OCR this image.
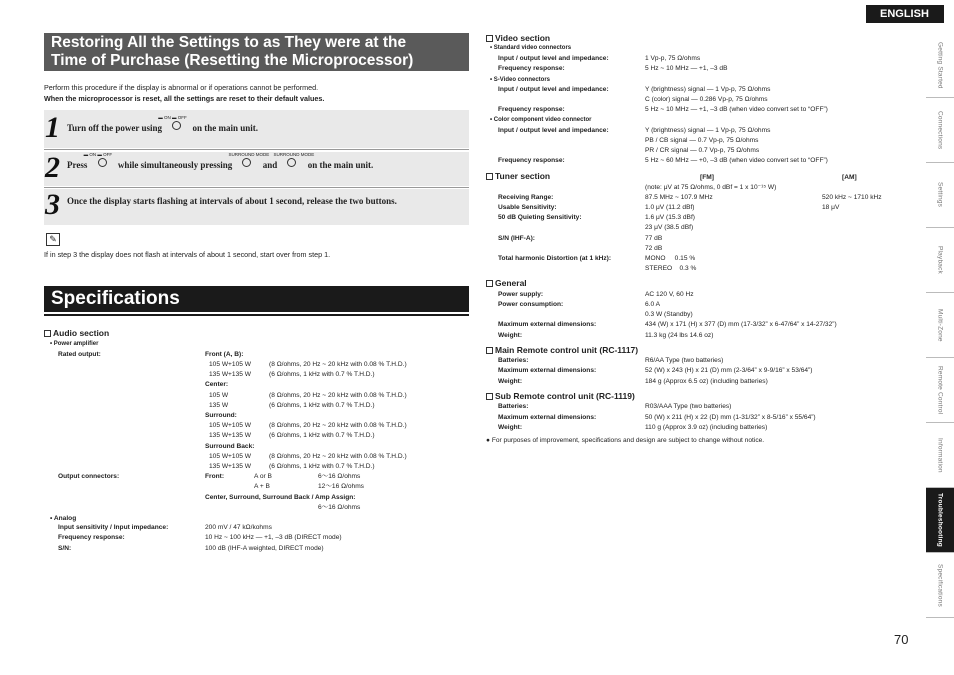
ENGLISH
Getting Started
Connections
Settings
Playback
Multi-Zone
Remote Control
Information
Troubleshooting
Specifications
Restoring All the Settings to as They were at the
Time of Purchase (Resetting the Microprocessor)
Perform this procedure if the display is abnormal or if operations cannot be performed.
When the microprocessor is reset, all the settings are reset to their default values.
1 Turn off the power using
▬ ON ▬ OFF
on the main unit.
2 Press
▬ ON ▬ OFF
while simultaneously pressing
SURROUND MODE
and
SURROUND MODE
on the main unit.
3 Once the display starts flashing at intervals of about 1 second, release the two buttons.
✎
If in step 3 the display does not flash at intervals of about 1 second, start over from step 1.
Specifications
Audio section
• Power amplifier
Rated output:	Front (A, B):
105 W+105 W	(8 Ω/ohms, 20 Hz ~ 20 kHz with 0.08 % T.H.D.)
135 W+135 W	(6 Ω/ohms, 1 kHz with 0.7 % T.H.D.)
Center:
105 W	(8 Ω/ohms, 20 Hz ~ 20 kHz with 0.08 % T.H.D.)
135 W	(6 Ω/ohms, 1 kHz with 0.7 % T.H.D.)
Surround:
105 W+105 W	(8 Ω/ohms, 20 Hz ~ 20 kHz with 0.08 % T.H.D.)
135 W+135 W	(6 Ω/ohms, 1 kHz with 0.7 % T.H.D.)
Surround Back:
105 W+105 W	(8 Ω/ohms, 20 Hz ~ 20 kHz with 0.08 % T.H.D.)
135 W+135 W	(6 Ω/ohms, 1 kHz with 0.7 % T.H.D.)
Output connectors:	Front:	A or B	6～16 Ω/ohms
A + B	12～16 Ω/ohms
Center, Surround, Surround Back / Amp Assign:
6～16 Ω/ohms
• Analog
Input sensitivity / Input impedance:	200 mV / 47 kΩ/kohms
Frequency response:	10 Hz ~ 100 kHz — +1, –3 dB (DIRECT mode)
S/N:	100 dB (IHF-A weighted, DIRECT mode)
Video section
• Standard video connectors
Input / output level and impedance:	1 Vp-p, 75 Ω/ohms
Frequency response:	5 Hz ~ 10 MHz — +1, –3 dB
• S-Video connectors
Input / output level and impedance:	Y (brightness) signal — 1 Vp-p, 75 Ω/ohms
C (color) signal — 0.286 Vp-p, 75 Ω/ohms
Frequency response:	5 Hz ~ 10 MHz — +1, –3 dB (when video convert set to “OFF”)
• Color component video connector
Input / output level and impedance:	Y (brightness) signal — 1 Vp-p, 75 Ω/ohms
PB / CB signal — 0.7 Vp-p, 75 Ω/ohms
PR / CR signal — 0.7 Vp-p, 75 Ω/ohms
Frequency response:	5 Hz ~ 60 MHz — +0, –3 dB (when video convert set to “OFF”)
Tuner section	[FM]	[AM]
(note: μV at 75 Ω/ohms, 0 dBf = 1 x 10⁻¹⁵ W)
Receiving Range:	87.5 MHz ~ 107.9 MHz	520 kHz ~ 1710 kHz
Usable Sensitivity:	1.0 μV (11.2 dBf)	18 μV
50 dB Quieting Sensitivity:	1.6 μV (15.3 dBf)
23 μV (38.5 dBf)
S/N (IHF-A):	77 dB
72 dB
Total harmonic Distortion (at 1 kHz):	MONO     0.15 %
STEREO    0.3 %
General
Power supply:	AC 120 V, 60 Hz
Power consumption:	6.0 A
0.3 W (Standby)
Maximum external dimensions:	434 (W) x 171 (H) x 377 (D) mm (17-3/32” x 6-47/64” x 14-27/32”)
Weight:	11.3 kg (24 lbs 14.6 oz)
Main Remote control unit (RC-1117)
Batteries:	R6/AA Type (two batteries)
Maximum external dimensions:	52 (W) x 243 (H) x 21 (D) mm (2-3/64” x 9-9/16” x 53/64”)
Weight:	184 g (Approx 6.5 oz) (including batteries)
Sub Remote control unit (RC-1119)
Batteries:	R03/AAA Type (two batteries)
Maximum external dimensions:	50 (W) x 211 (H) x 22 (D) mm (1-31/32” x 8-5/16” x 55/64”)
Weight:	110 g (Approx 3.9 oz) (including batteries)
● For purposes of improvement, specifications and design are subject to change without notice.
70
